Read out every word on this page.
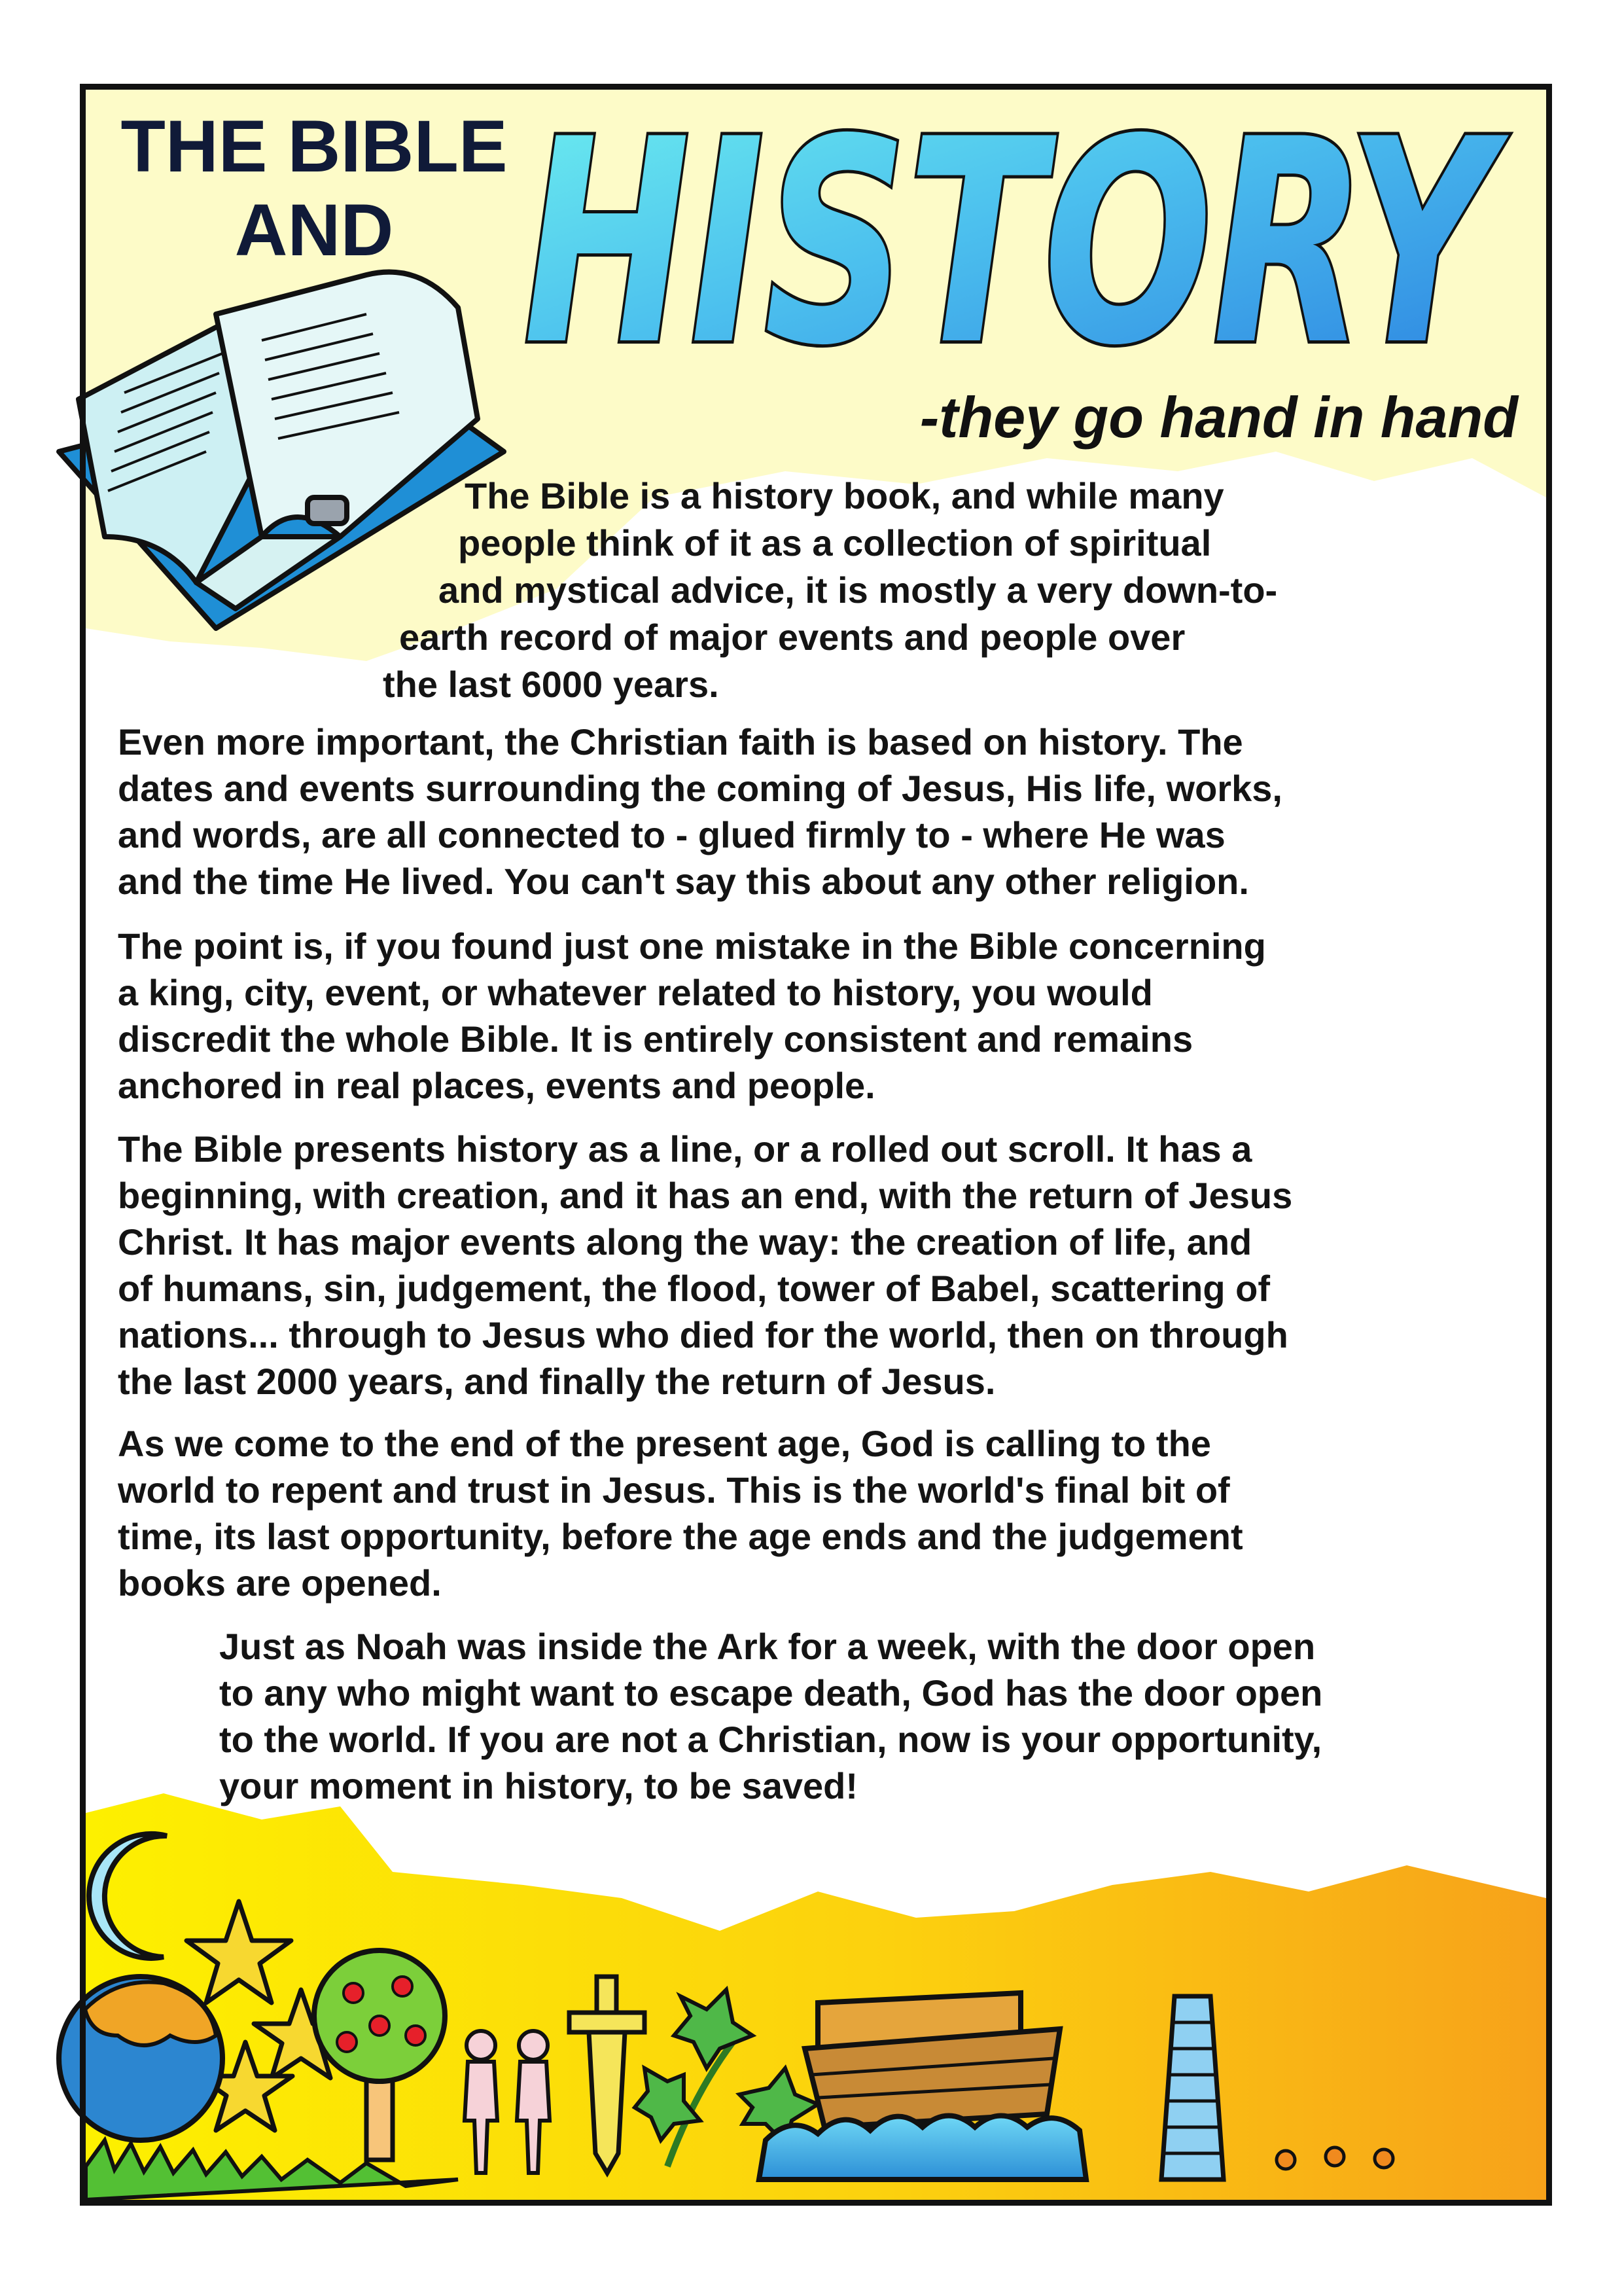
HISTORY
THE BIBLE
AND
-they go hand in hand
The Bible is a history book, and while many
people think of it as a collection of spiritual
and mystical advice, it is mostly a very down-to-
earth record of major events and people over
the last 6000 years.
Even more important, the Christian faith is based on history. The
dates and events surrounding the coming of Jesus, His life, works,
and words, are all connected to - glued firmly to - where He was
and the time He lived. You can't say this about any other religion.
The point is, if you found just one mistake in the Bible concerning
a king, city, event, or whatever related to history, you would
discredit the whole Bible. It is entirely consistent and remains
anchored in real places, events and people.
The Bible presents history as a line, or a rolled out scroll. It has a
beginning, with creation, and it has an end, with the return of Jesus
Christ. It has major events along the way: the creation of life, and
of humans, sin, judgement, the flood, tower of Babel, scattering of
nations... through to Jesus who died for the world, then on through
the last 2000 years, and finally the return of Jesus.
As we come to the end of the present age, God is calling to the
world to repent and trust in Jesus. This is the world's final bit of
time, its last opportunity, before the age ends and the judgement
books are opened.
Just as Noah was inside the Ark for a week, with the door open
to any who might want to escape death, God has the door open
to the world. If you are not a Christian, now is your opportunity,
your moment in history, to be saved!
